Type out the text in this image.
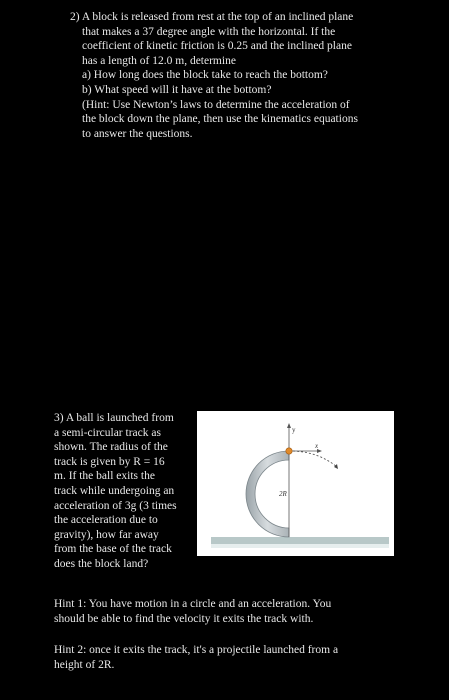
2) A block is released from rest at the top of an inclined plane
that makes a 37 degree angle with the horizontal. If the
coefficient of kinetic friction is 0.25 and the inclined plane
has a length of 12.0 m, determine
a) How long does the block take to reach the bottom?
b) What speed will it have at the bottom?
(Hint: Use Newton’s laws to determine the acceleration of
the block down the plane, then use the kinematics equations
to answer the questions.
3) A ball is launched from
a semi-circular track as
shown. The radius of the
track is given by R = 16
m. If the ball exits the
track while undergoing an
acceleration of 3g (3 times
the acceleration due to
gravity), how far away
from the base of the track
does the block land?
y
x
2R
Hint 1: You have motion in a circle and an acceleration. You
should be able to find the velocity it exits the track with.
Hint 2: once it exits the track, it's a projectile launched from a
height of 2R.
